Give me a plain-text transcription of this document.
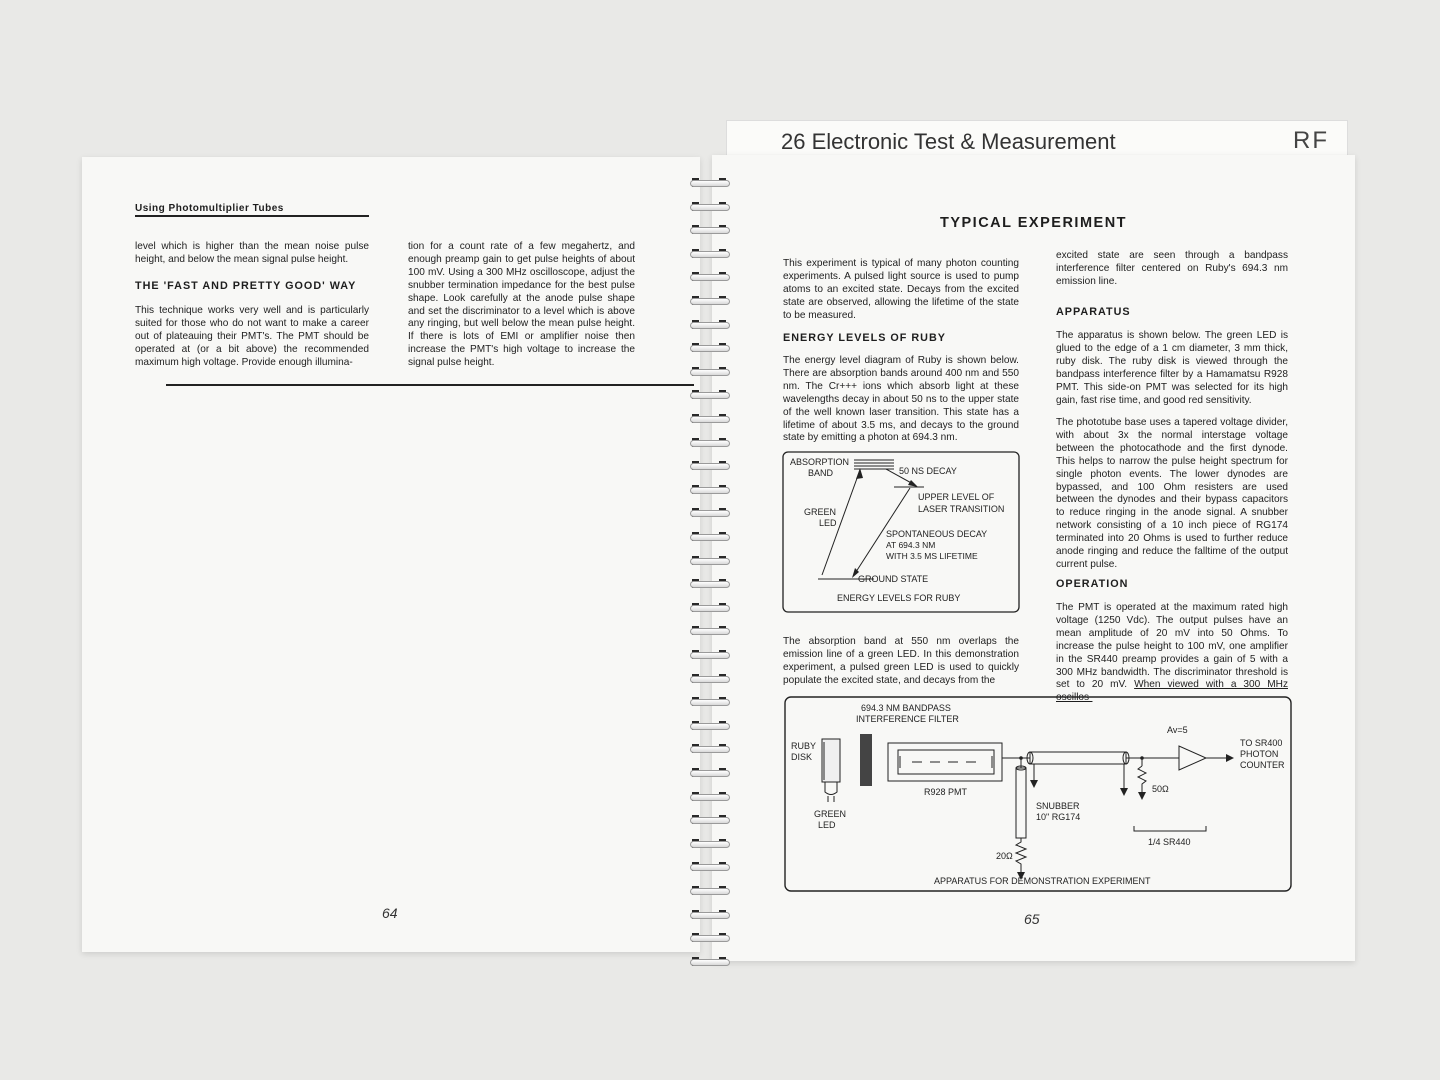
26 Electronic Test & Measurement	RF
Using Photomultiplier Tubes
level which is higher than the mean noise pulse height, and below the mean signal pulse height.
THE 'FAST AND PRETTY GOOD' WAY
This technique works very well and is particularly suited for those who do not want to make a career out of plateauing their PMT's. The PMT should be operated at (or a bit above) the recommended maximum high voltage. Provide enough illumina-
tion for a count rate of a few megahertz, and enough preamp gain to get pulse heights of about 100 mV. Using a 300 MHz oscilloscope, adjust the snubber termination impedance for the best pulse shape. Look carefully at the anode pulse shape and set the discriminator to a level which is above any ringing, but well below the mean pulse height. If there is lots of EMI or amplifier noise then increase the PMT's high voltage to increase the signal pulse height.
64
TYPICAL EXPERIMENT
This experiment is typical of many photon counting experiments. A pulsed light source is used to pump atoms to an excited state. Decays from the excited state are observed, allowing the lifetime of the state to be measured.
ENERGY LEVELS OF RUBY
The energy level diagram of Ruby is shown below. There are absorption bands around 400 nm and 550 nm. The Cr+++ ions which absorb light at these wavelengths decay in about 50 ns to the upper state of the well known laser transition. This state has a lifetime of about 3.5 ms, and decays to the ground state by emitting a photon at 694.3 nm.
ABSORPTION
BAND	50 NS DECAY
UPPER LEVEL OF
LASER TRANSITION
GREEN
LED
SPONTANEOUS DECAY
AT 694.3 NM
WITH 3.5 MS LIFETIME
GROUND STATE
ENERGY LEVELS FOR RUBY
The absorption band at 550 nm overlaps the emission line of a green LED. In this demonstration experiment, a pulsed green LED is used to quickly populate the excited state, and decays from the
excited state are seen through a bandpass interference filter centered on Ruby's 694.3 nm emission line.
APPARATUS
The apparatus is shown below. The green LED is glued to the edge of a 1 cm diameter, 3 mm thick, ruby disk. The ruby disk is viewed through the bandpass interference filter by a Hamamatsu R928 PMT. This side-on PMT was selected for its high gain, fast rise time, and good red sensitivity.
The phototube base uses a tapered voltage divider, with about 3x the normal interstage voltage between the photocathode and the first dynode. This helps to narrow the pulse height spectrum for single photon events. The lower dynodes are bypassed, and 100 Ohm resisters are used between the dynodes and their bypass capacitors to reduce ringing in the anode signal. A snubber network consisting of a 10 inch piece of RG174 terminated into 20 Ohms is used to further reduce anode ringing and reduce the falltime of the output current pulse.
OPERATION
The PMT is operated at the maximum rated high voltage (1250 Vdc). The output pulses have an mean amplitude of 20 mV into 50 Ohms. To increase the pulse height to 100 mV, one amplifier in the SR440 preamp provides a gain of 5 with a 300 MHz bandwidth. The discriminator threshold is set to 20 mV. When viewed with a 300 MHz oscillos-
694.3 NM BANDPASS
INTERFERENCE FILTER
RUBY
DISK
GREEN
LED
R928 PMT
Av=5
TO SR400
PHOTON
COUNTER
SNUBBER
10" RG174
50Ω
20Ω
1/4 SR440
APPARATUS FOR DEMONSTRATION EXPERIMENT
65
